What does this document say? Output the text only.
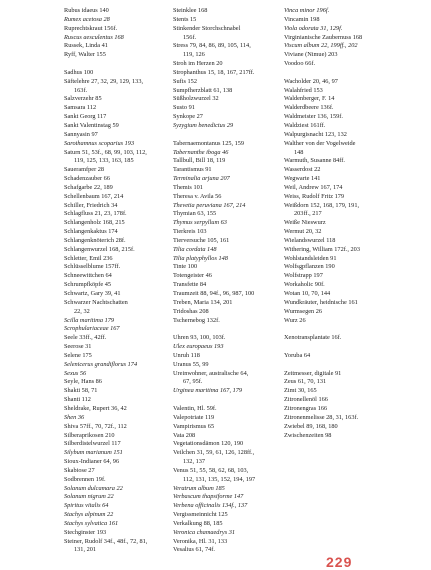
Rubus idaeus 140
Rumex acetosa 28
Ruprechtskraut 156f.
Ruscus aesculentus 168
Russek, Linda 41
Ryff, Walter 155
Sadhus 100
Säftelehre 27, 32, 29, 129, 133,
163f.
Salzverzehr 85
Samsara 112
Sankt Georg 117
Sankt Valentinstag 59
Sannyasin 97
Sarothamnus scoparius 193
Saturn 51, 53f., 68, 99, 103, 112,
119, 125, 133, 163, 185
Saueramfper 28
Schadenzauber 66
Schafgarbe 22, 189
Schellenbaum 167, 214
Schiller, Friedrich 34
Schlagfluss 21, 23, 178f.
Schlangenholz 168, 215
Schlangenkaktus 174
Schlangenknöterich 28f.
Schlangenwurzel 168, 215f.
Schletter, Emil 236
Schlüsselblume 157ff.
Schneewittchen 64
Schrumpfköpfe 45
Schwartz, Gary 39, 41
Schwarzer Nachtschatten
22, 32
Scilla maritima 179
Scrophulariaceae 167
Seele 33ff., 42ff.
Seerose 31
Selene 175
Selenicerus grandiflorus 174
Sexus 56
Seyle, Hans 86
Shakti 58, 71
Shanti 112
Sheldrake, Rupert 36, 42
Shen 36
Shiva 57ff., 70, 72f., 112
Silberaprikosen 210
Silberdistelwurzel 117
Silybum marianum 151
Sioux-Indianer 64, 96
Skabiose 27
Sodbrennen 19f.
Solanum dulcamara 22
Solanum nigrum 22
Spiritus vitalis 64
Stachys alpinum 22
Stachys sylvatica 161
Stechginster 193
Steiner, Rudolf 34f., 48f., 72, 81,
131, 201
Steinklee 168
Stents 15
Stinkender Storchschnabel
156f.
Stress 79, 84, 86, 89, 105, 114,
119, 126
Stroh im Herzen 20
Strophanthus 15, 18, 167, 217ff.
Sufis 152
Sumpfherzblatt 61, 138
Süßholzwurzel 32
Susto 91
Synkope 27
Syzygium benedictus 29
Tabernaemontanus 125, 159
Tabernanthe iboga 46
Tallbull, Bill 18, 119
Tarantismus 91
Terminalia arjuna 207
Themis 101
Theresa v. Avila 56
Thevetia peruviana 167, 214
Thymian 63, 155
Thymus serpyllum 63
Tierkreis 103
Tierversuche 105, 161
Tilia cordata 148
Tilia platyphyllos 148
Tinte 100
Totengeister 46
Transfette 84
Traumzeit 88, 94f., 96, 987, 100
Treben, Maria 134, 201
Tridoshas 208
Tschernebog 132f.
Uhren 93, 100, 103f.
Ulex europaeus 193
Unruh 118
Uranus 55, 99
Ureinwohner, australische 64,
67, 95f.
Urginea maritima 167, 179
Valentin, Hl. 59f.
Valepotriate 119
Vampirismus 65
Vata 208
Vegetationsdämon 120, 190
Veilchen 31, 59, 61, 126, 128ff.,
132, 137
Venus 51, 55, 58, 62, 68, 103,
112, 131, 135, 152, 194, 197
Veratrum album 185
Verbascum thapsiforme 147
Verbena officinalis 134f., 137
Vergissmeinnicht 125
Verkalkung 88, 185
Veronica chamaedrys 31
Veronika, Hl. 31, 133
Vesalius 61, 74f.
Vinca minor 196f.
Vincamin 198
Viola odorata 31, 129f.
Virginianische Zaubernuss 168
Viscum album 22, 199ff., 202
Viviane (Nimue) 203
Voodoo 66f.
Wacholder 20, 46, 97
Walahfried 153
Waldenberger, F. 14
Walderdbeere 136f.
Waldmeister 136, 159f.
Waldziest 161ff.
Walpurgisnacht 123, 132
Walther von der Vogelweide
148
Warmuth, Susanne 84ff.
Wasserdost 22
Wegwarte 141
Weil, Andrew 167, 174
Weiss, Rudolf Fritz 179
Weißdorn 152, 168, 179, 191,
203ff., 217
Weiße Nieswurz
Wermut 20, 32
Wielandswurzel 118
Withering, William 172f., 203
Wohlstandsleiden 91
Wolfsgpflanzen 190
Wolfstrapp 197
Workaholic 90f.
Wotan 10, 70, 144
Wundkräuter, heidnische 161
Wurmsegen 26
Wurz 26
Xenotransplantate 16f.
Yoruba 64
Zeitmesser, digitale 91
Zeus 61, 70, 131
Zimt 30, 165
Zitronellenöl 166
Zitronengras 166
Zitronenmelisse 28, 31, 163f.
Zwiebel 89, 168, 180
Zwischenzeiten 98
229
